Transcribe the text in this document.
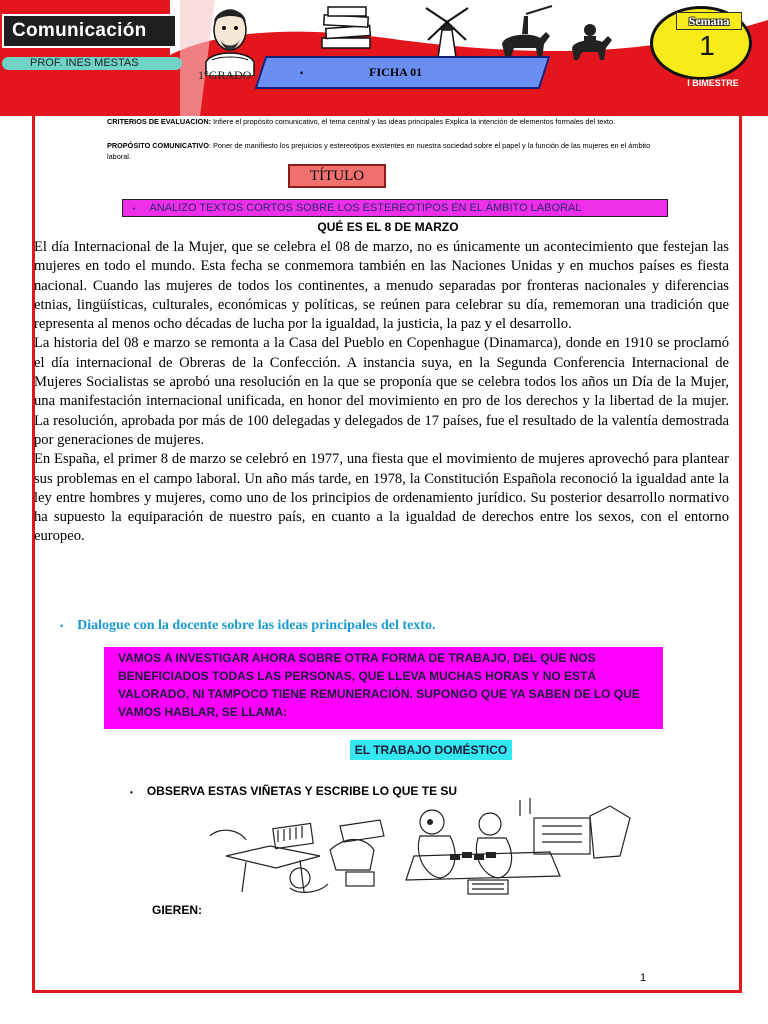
Comunicación
PROF. INES MESTAS
1°GRADO	•	FICHA 01
Semana
1
I BIMESTRE
CRITERIOS DE EVALUACION: Infiere el propósito comunicativo, el tema central y las ideas principales Explica la intención de elementos formales del texto.
PROPÓSITO COMUNICATIVO: Poner de manifiesto los prejuicios y estereotipos existentes en nuestra sociedad sobre el papel y la función de las mujeres en el ámbito laboral.
TÍTULO
• ANALIZO TEXTOS CORTOS SOBRE LOS ESTEREOTIPOS EN EL ÁMBITO LABORAL
QUÉ ES EL 8 DE MARZO

El día Internacional de la Mujer, que se celebra el 08 de marzo, no es únicamente un acontecimiento que festejan las mujeres en todo el mundo. Esta fecha se conmemora también en las Naciones Unidas y en muchos países es fiesta nacional. Cuando las mujeres de todos los continentes, a menudo separadas por fronteras nacionales y diferencias etnias, lingüísticas, culturales, económicas y políticas, se reúnen para celebrar su día, rememoran una tradición que representa al menos ocho décadas de lucha por la igualdad, la justicia, la paz y el desarrollo.

La historia del 08 e marzo se remonta a la Casa del Pueblo en Copenhague (Dinamarca), donde en 1910 se proclamó el día internacional de Obreras de la Confección. A instancia suya, en la Segunda Conferencia Internacional de Mujeres Socialistas se aprobó una resolución en la que se proponía que se celebra todos los años un Día de la Mujer, una manifestación internacional unificada, en honor del movimiento en pro de los derechos y la libertad de la mujer. La resolución, aprobada por más de 100 delegadas y delegados de 17 países, fue el resultado de la valentía demostrada por generaciones de mujeres.

En España, el primer 8 de marzo se celebró en 1977, una fiesta que el movimiento de mujeres aprovechó para plantear sus problemas en el campo laboral. Un año más tarde, en 1978, la Constitución Española reconoció la igualdad ante la ley entre hombres y mujeres, como uno de los principios de ordenamiento jurídico. Su posterior desarrollo normativo ha supuesto la equiparación de nuestro país, en cuanto a la igualdad de derechos entre los sexos, con el entorno europeo.

• Dialogue con la docente sobre las ideas principales del texto.
VAMOS A INVESTIGAR AHORA SOBRE OTRA FORMA DE TRABAJO, DEL QUE NOS BENEFICIADOS TODAS LAS PERSONAS, QUE LLEVA MUCHAS HORAS Y NO ESTÁ VALORADO, NI TAMPOCO TIENE REMUNERACIÓN. SUPONGO QUE YA SABEN DE LO QUE VAMOS HABLAR, SE LLAMA:
EL TRABAJO DOMÉSTICO
• OBSERVA ESTAS VIÑETAS Y ESCRIBE LO QUE TE SU
GIEREN:
1
